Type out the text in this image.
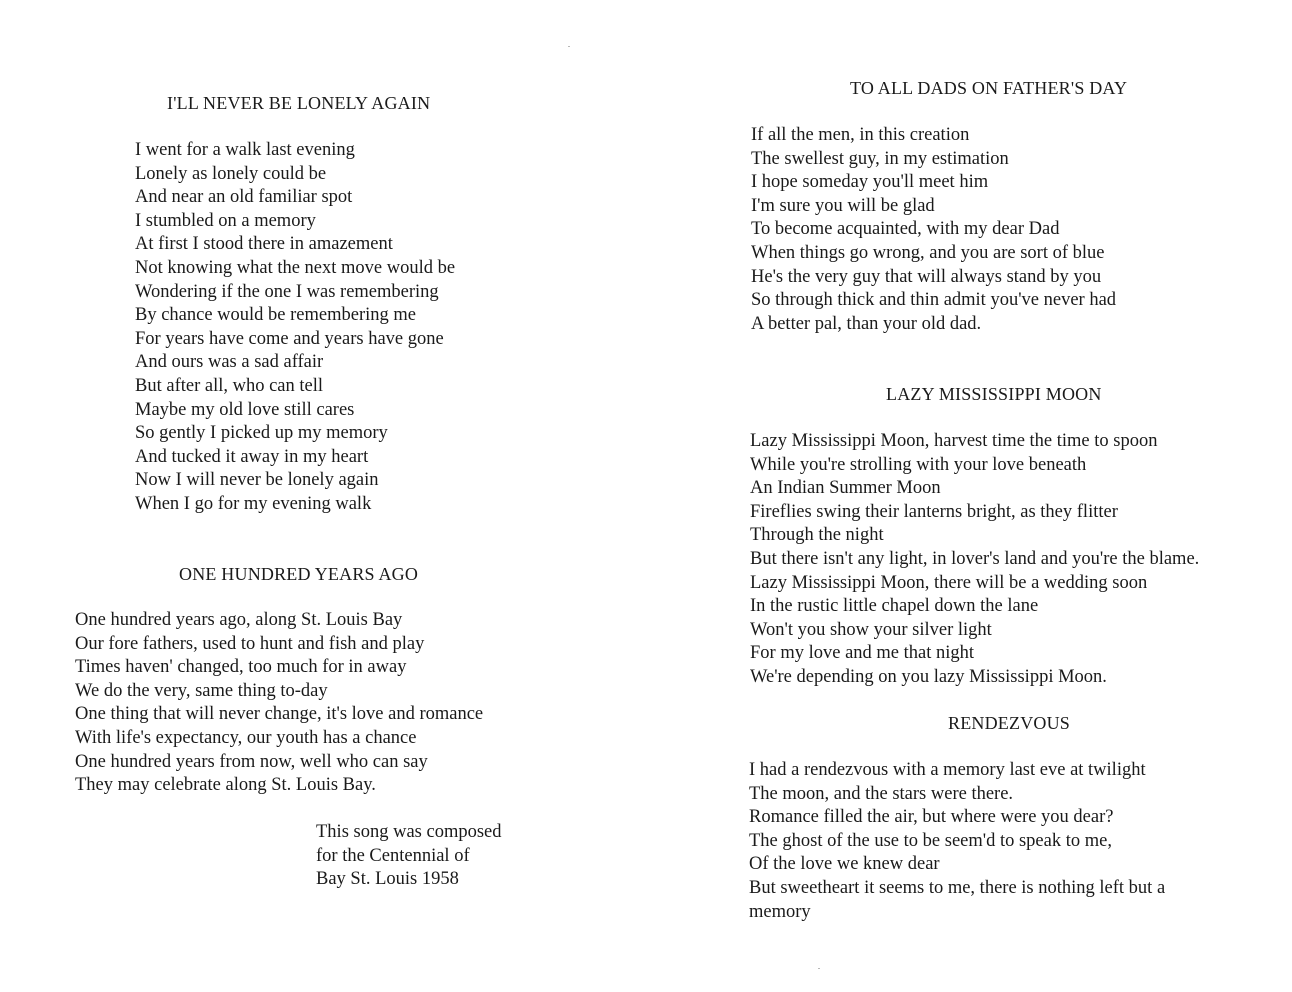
I'LL NEVER BE LONELY AGAIN
I went for a walk last evening
Lonely as lonely could be
And near an old familiar spot
I stumbled on a memory
At first I stood there in amazement
Not knowing what the next move would be
Wondering if the one I was remembering
By chance would be remembering me
For years have come and years have gone
And ours was a sad affair
But after all, who can tell
Maybe my old love still cares
So gently I picked up my memory
And tucked it away in my heart
Now I will never be lonely again
When I go for my evening walk
ONE HUNDRED YEARS AGO
One hundred years ago, along St. Louis Bay
Our fore fathers, used to hunt and fish and play
Times haven' changed, too much for in away
We do the very, same thing to-day
One thing that will never change, it's love and romance
With life's expectancy, our youth has a chance
One hundred years from now, well who can say
They may celebrate along St. Louis Bay.
This song was composed
for the Centennial of
Bay St. Louis 1958
TO ALL DADS ON FATHER'S DAY
If all the men, in this creation
The swellest guy, in my estimation
I hope someday you'll meet him
I'm sure you will be glad
To become acquainted, with my dear Dad
When things go wrong, and you are sort of blue
He's the very guy that will always stand by you
So through thick and thin admit you've never had
A better pal, than your old dad.
LAZY MISSISSIPPI MOON
Lazy Mississippi Moon, harvest time the time to spoon
While you're strolling with your love beneath
An Indian Summer Moon
Fireflies swing their lanterns bright, as they flitter
Through the night
But there isn't any light, in lover's land and you're the blame.
Lazy Mississippi Moon, there will be a wedding soon
In the rustic little chapel down the lane
Won't you show your silver light
For my love and me that night
We're depending on you lazy Mississippi Moon.
RENDEZVOUS
I had a rendezvous with a memory last eve at twilight
The moon, and the stars were there.
Romance filled the air, but where were you dear?
The ghost of the use to be seem'd to speak to me,
Of the love we knew dear
But sweetheart it seems to me, there is nothing left but a
memory
